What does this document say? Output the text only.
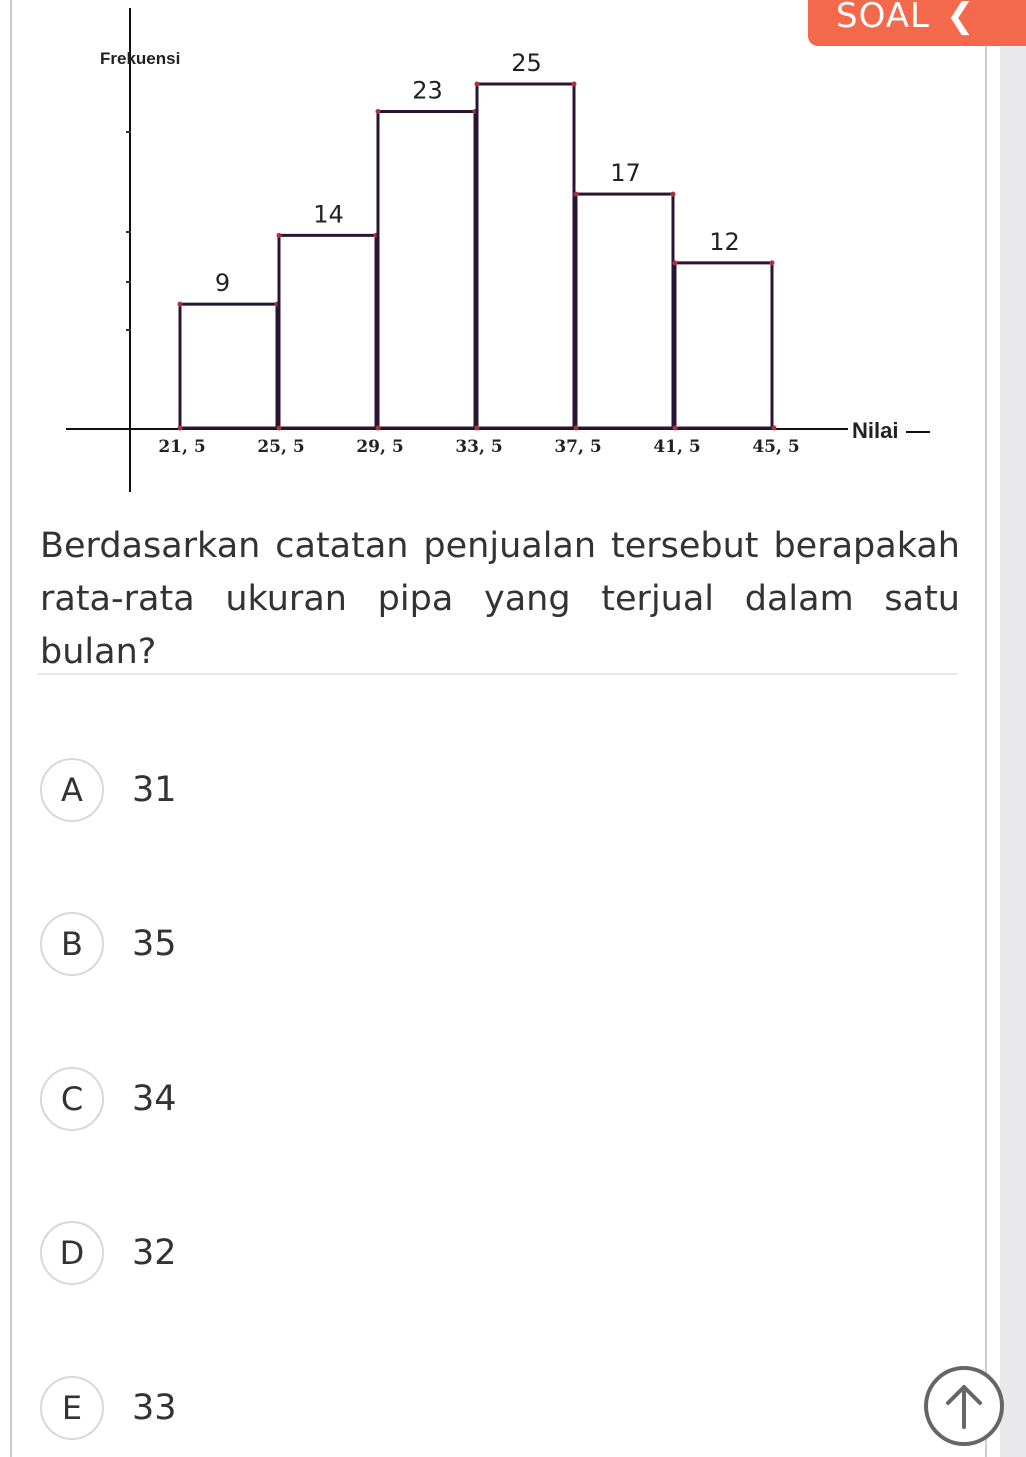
SOAL ❮
Frekuensi
Nilai
9
14
23
25
17
12
21, 5	25, 5	29, 5	33, 5	37, 5	41, 5	45, 5
Berdasarkan catatan penjualan tersebut berapakah rata-rata ukuran pipa yang terjual dalam satu bulan?
A	31
B	35
C	34
D	32
E	33
